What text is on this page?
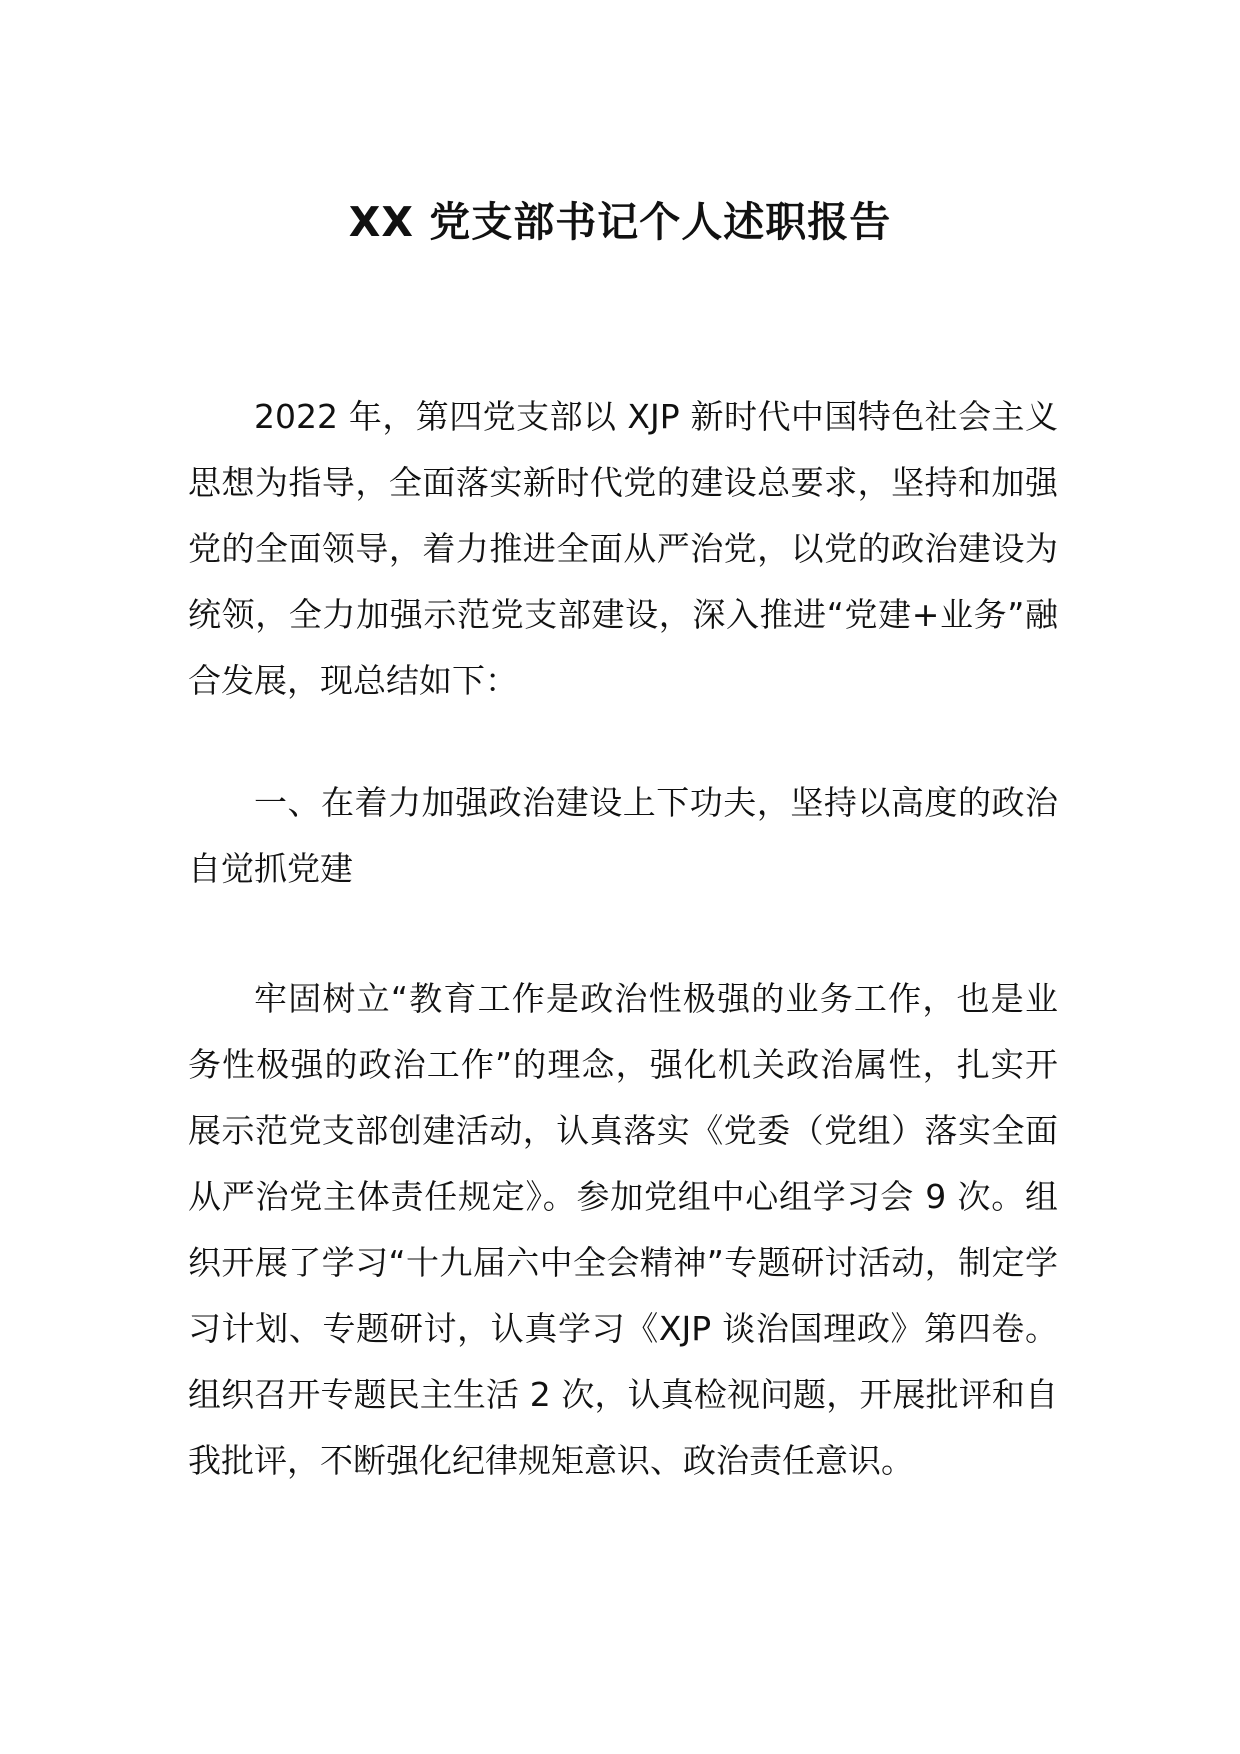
XX 党支部书记个人述职报告

2022 年，第四党支部以 XJP 新时代中国特色社会主义思想为指导，全面落实新时代党的建设总要求，坚持和加强党的全面领导，着力推进全面从严治党，以党的政治建设为统领，全力加强示范党支部建设，深入推进“党建+业务”融合发展，现总结如下：

一、在着力加强政治建设上下功夫，坚持以高度的政治自觉抓党建

牢固树立“教育工作是政治性极强的业务工作，也是业务性极强的政治工作”的理念，强化机关政治属性，扎实开展示范党支部创建活动，认真落实《党委（党组）落实全面从严治党主体责任规定》。参加党组中心组学习会 9 次。组织开展了学习“十九届六中全会精神”专题研讨活动，制定学习计划、专题研讨，认真学习《XJP 谈治国理政》第四卷。组织召开专题民主生活 2 次，认真检视问题，开展批评和自我批评，不断强化纪律规矩意识、政治责任意识。
